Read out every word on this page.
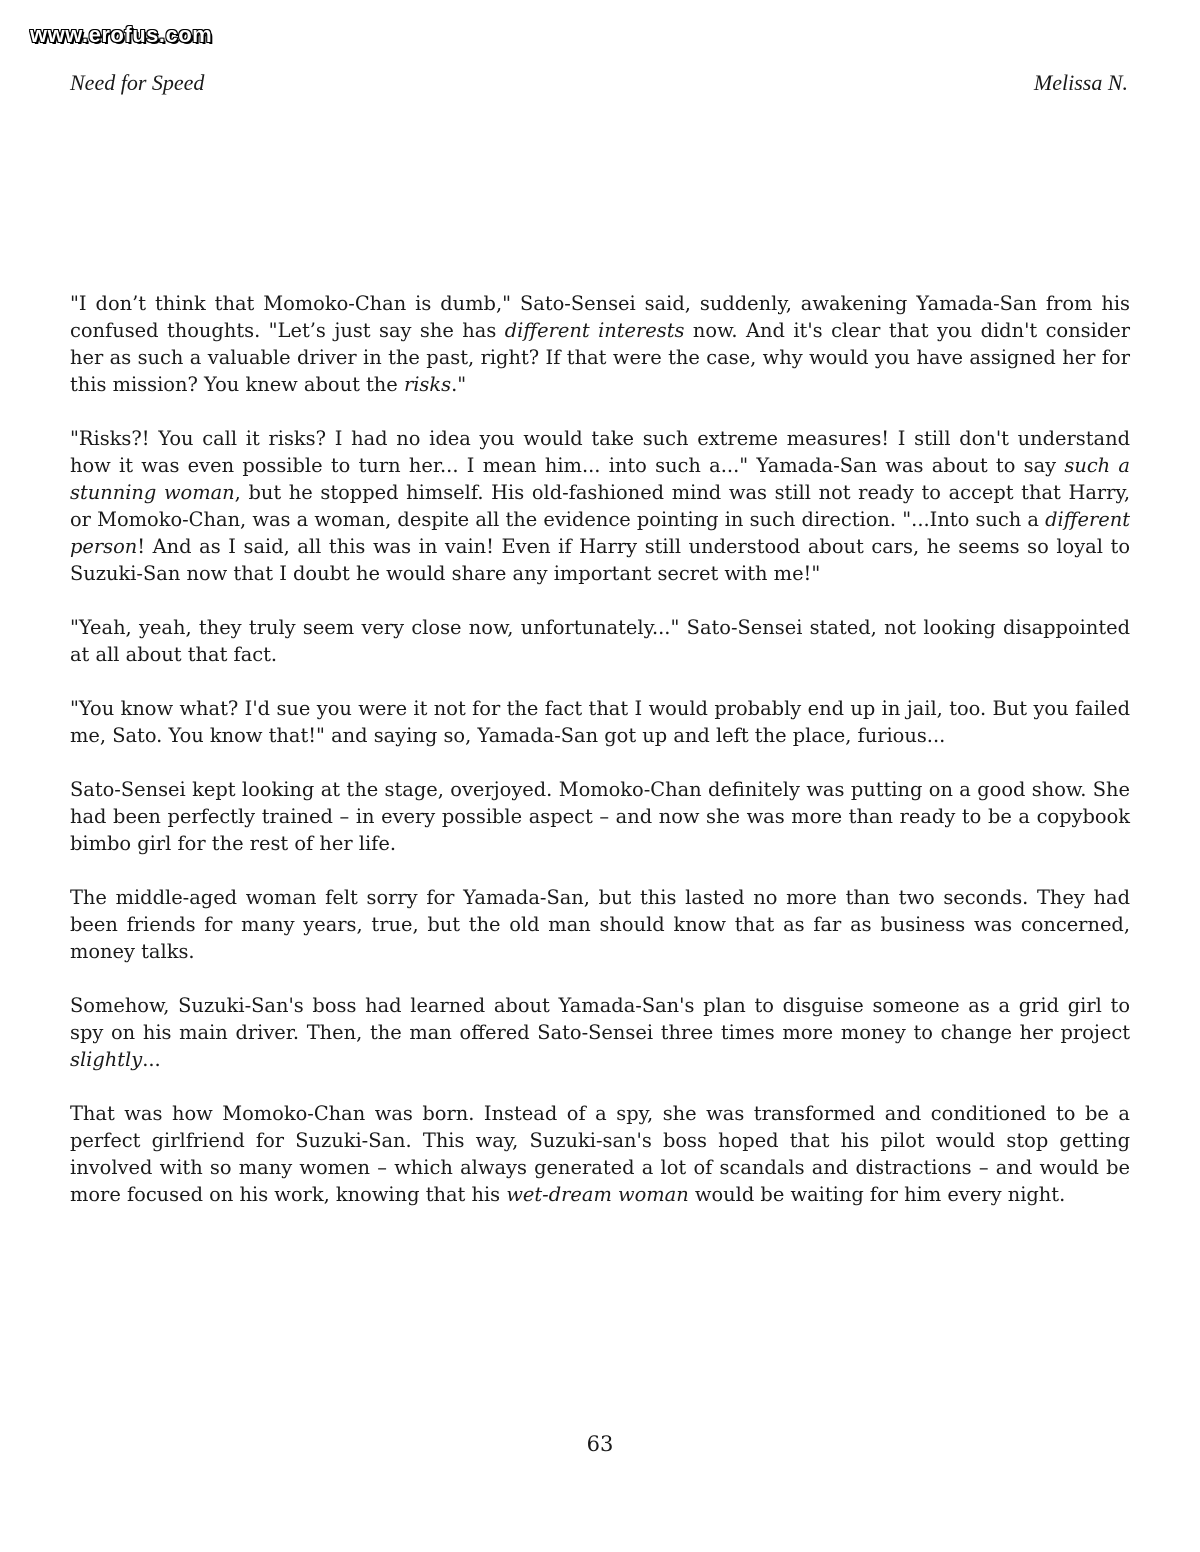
www.erofus.com
Need for Speed	Melissa N.

"I don’t think that Momoko-Chan is dumb," Sato-Sensei said, suddenly, awakening Yamada-San from his confused thoughts. "Let’s just say she has different interests now. And it's clear that you didn't consider her as such a valuable driver in the past, right? If that were the case, why would you have assigned her for this mission? You knew about the risks."

"Risks?! You call it risks? I had no idea you would take such extreme measures! I still don't understand how it was even possible to turn her... I mean him... into such a..." Yamada-San was about to say such a stunning woman, but he stopped himself. His old-fashioned mind was still not ready to accept that Harry, or Momoko-Chan, was a woman, despite all the evidence pointing in such direction. "...Into such a different person! And as I said, all this was in vain! Even if Harry still understood about cars, he seems so loyal to Suzuki-San now that I doubt he would share any important secret with me!"

"Yeah, yeah, they truly seem very close now, unfortunately..." Sato-Sensei stated, not looking disappointed at all about that fact.

"You know what? I'd sue you were it not for the fact that I would probably end up in jail, too. But you failed me, Sato. You know that!" and saying so, Yamada-San got up and left the place, furious...

Sato-Sensei kept looking at the stage, overjoyed. Momoko-Chan definitely was putting on a good show. She had been perfectly trained – in every possible aspect – and now she was more than ready to be a copybook bimbo girl for the rest of her life.

The middle-aged woman felt sorry for Yamada-San, but this lasted no more than two seconds. They had been friends for many years, true, but the old man should know that as far as business was concerned, money talks.

Somehow, Suzuki-San's boss had learned about Yamada-San's plan to disguise someone as a grid girl to spy on his main driver. Then, the man offered Sato-Sensei three times more money to change her project slightly...

That was how Momoko-Chan was born. Instead of a spy, she was transformed and conditioned to be a perfect girlfriend for Suzuki-San. This way, Suzuki-san's boss hoped that his pilot would stop getting involved with so many women – which always generated a lot of scandals and distractions – and would be more focused on his work, knowing that his wet-dream woman would be waiting for him every night.

63
